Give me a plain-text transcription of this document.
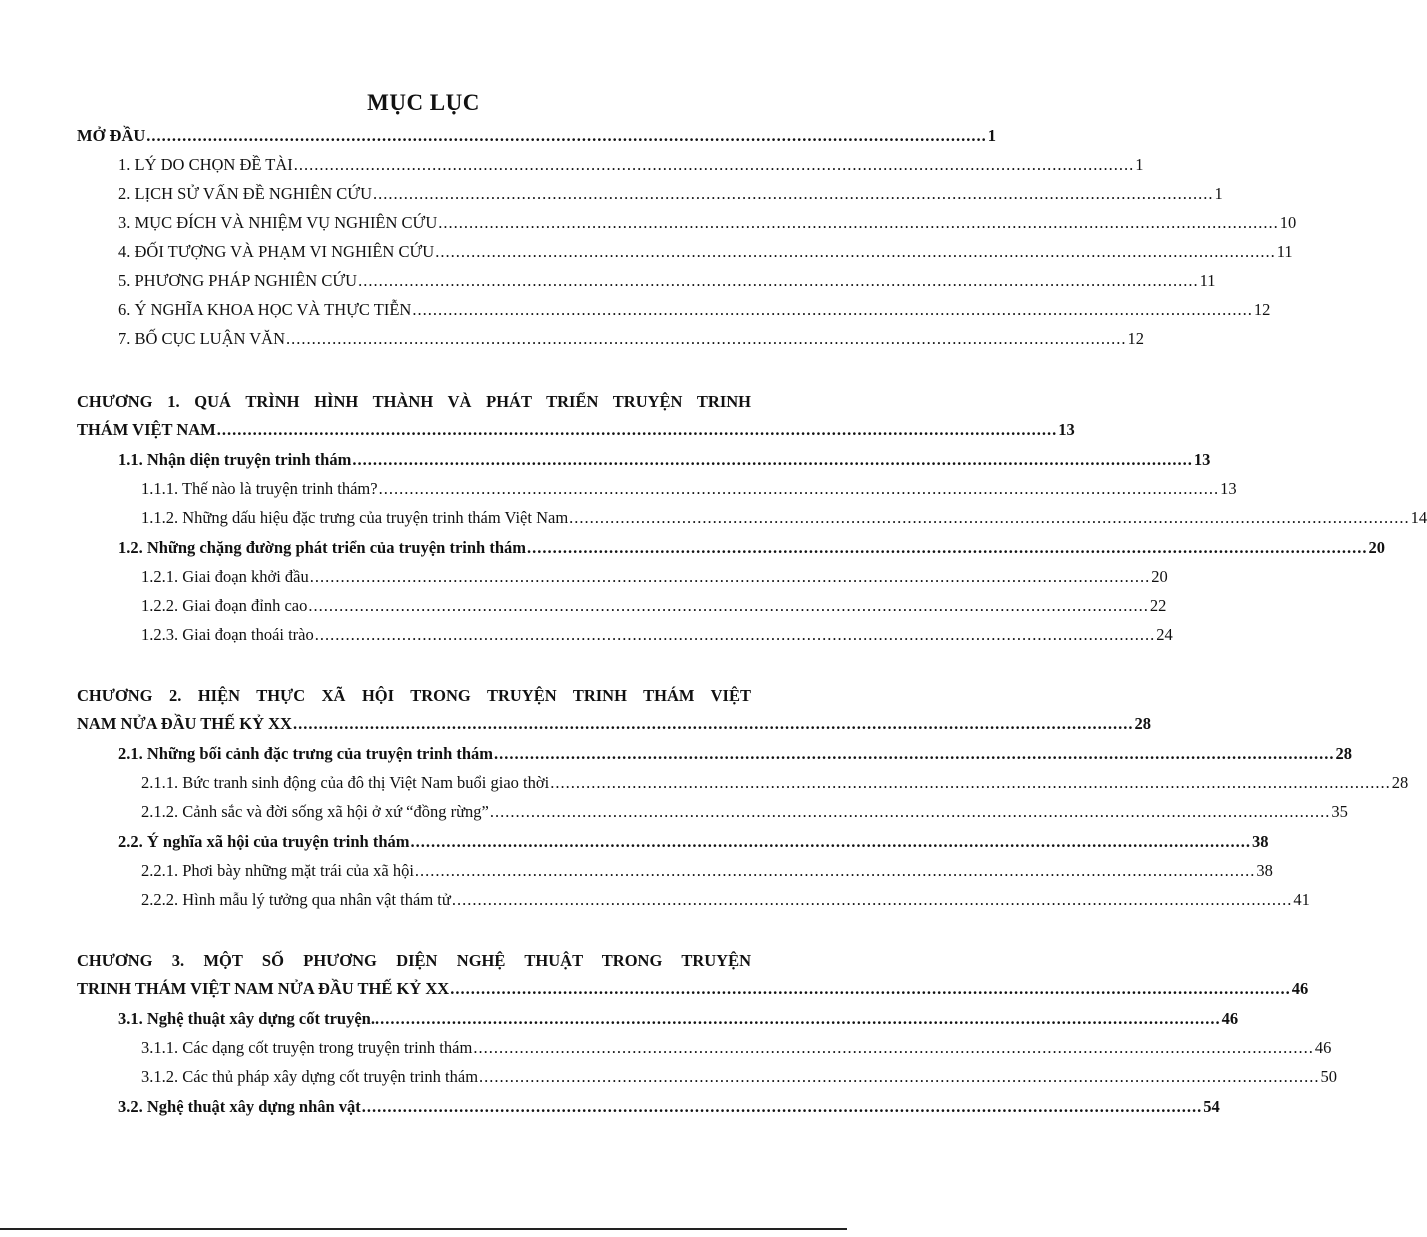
MỤC LỤC
MỞ ĐẦU .................................................................................................................................................................... 1
1. LÝ DO CHỌN ĐỀ TÀI .................................................................................................................................................................... 1
2. LỊCH SỬ VẤN ĐỀ NGHIÊN CỨU .................................................................................................................................................................... 1
3. MỤC ĐÍCH VÀ NHIỆM VỤ NGHIÊN CỨU .................................................................................................................................................................... 10
4. ĐỐI TƯỢNG VÀ PHẠM VI NGHIÊN CỨU .................................................................................................................................................................... 11
5. PHƯƠNG PHÁP NGHIÊN CỨU .................................................................................................................................................................... 11
6. Ý NGHĨA KHOA HỌC VÀ THỰC TIỄN .................................................................................................................................................................... 12
7. BỐ CỤC LUẬN VĂN .................................................................................................................................................................... 12
CHƯƠNG 1. QUÁ TRÌNH HÌNH THÀNH VÀ PHÁT TRIỂN TRUYỆN TRINH
THÁM VIỆT NAM .................................................................................................................................................................... 13
1.1. Nhận diện truyện trinh thám .................................................................................................................................................................... 13
1.1.1. Thế nào là truyện trinh thám? .................................................................................................................................................................... 13
1.1.2. Những dấu hiệu đặc trưng của truyện trinh thám Việt Nam .................................................................................................................................................................... 14
1.2. Những chặng đường phát triển của truyện trinh thám .................................................................................................................................................................... 20
1.2.1. Giai đoạn khởi đầu .................................................................................................................................................................... 20
1.2.2. Giai đoạn đỉnh cao .................................................................................................................................................................... 22
1.2.3. Giai đoạn thoái trào .................................................................................................................................................................... 24
CHƯƠNG 2. HIỆN THỰC XÃ HỘI TRONG TRUYỆN TRINH THÁM VIỆT
NAM NỬA ĐẦU THẾ KỶ XX .................................................................................................................................................................... 28
2.1. Những bối cảnh đặc trưng của truyện trinh thám .................................................................................................................................................................... 28
2.1.1. Bức tranh sinh động của đô thị Việt Nam buổi giao thời .................................................................................................................................................................... 28
2.1.2. Cảnh sắc và đời sống xã hội ở xứ “đồng rừng” .................................................................................................................................................................... 35
2.2. Ý nghĩa xã hội của truyện trinh thám .................................................................................................................................................................... 38
2.2.1. Phơi bày những mặt trái của xã hội .................................................................................................................................................................... 38
2.2.2. Hình mẫu lý tưởng qua nhân vật thám tử .................................................................................................................................................................... 41
CHƯƠNG 3. MỘT SỐ PHƯƠNG DIỆN NGHỆ THUẬT TRONG TRUYỆN
TRINH THÁM VIỆT NAM NỬA ĐẦU THẾ KỶ XX .................................................................................................................................................................... 46
3.1. Nghệ thuật xây dựng cốt truyện.. .................................................................................................................................................................... 46
3.1.1. Các dạng cốt truyện trong truyện trinh thám .................................................................................................................................................................... 46
3.1.2. Các thủ pháp xây dựng cốt truyện trinh thám .................................................................................................................................................................... 50
3.2. Nghệ thuật xây dựng nhân vật .................................................................................................................................................................... 54
